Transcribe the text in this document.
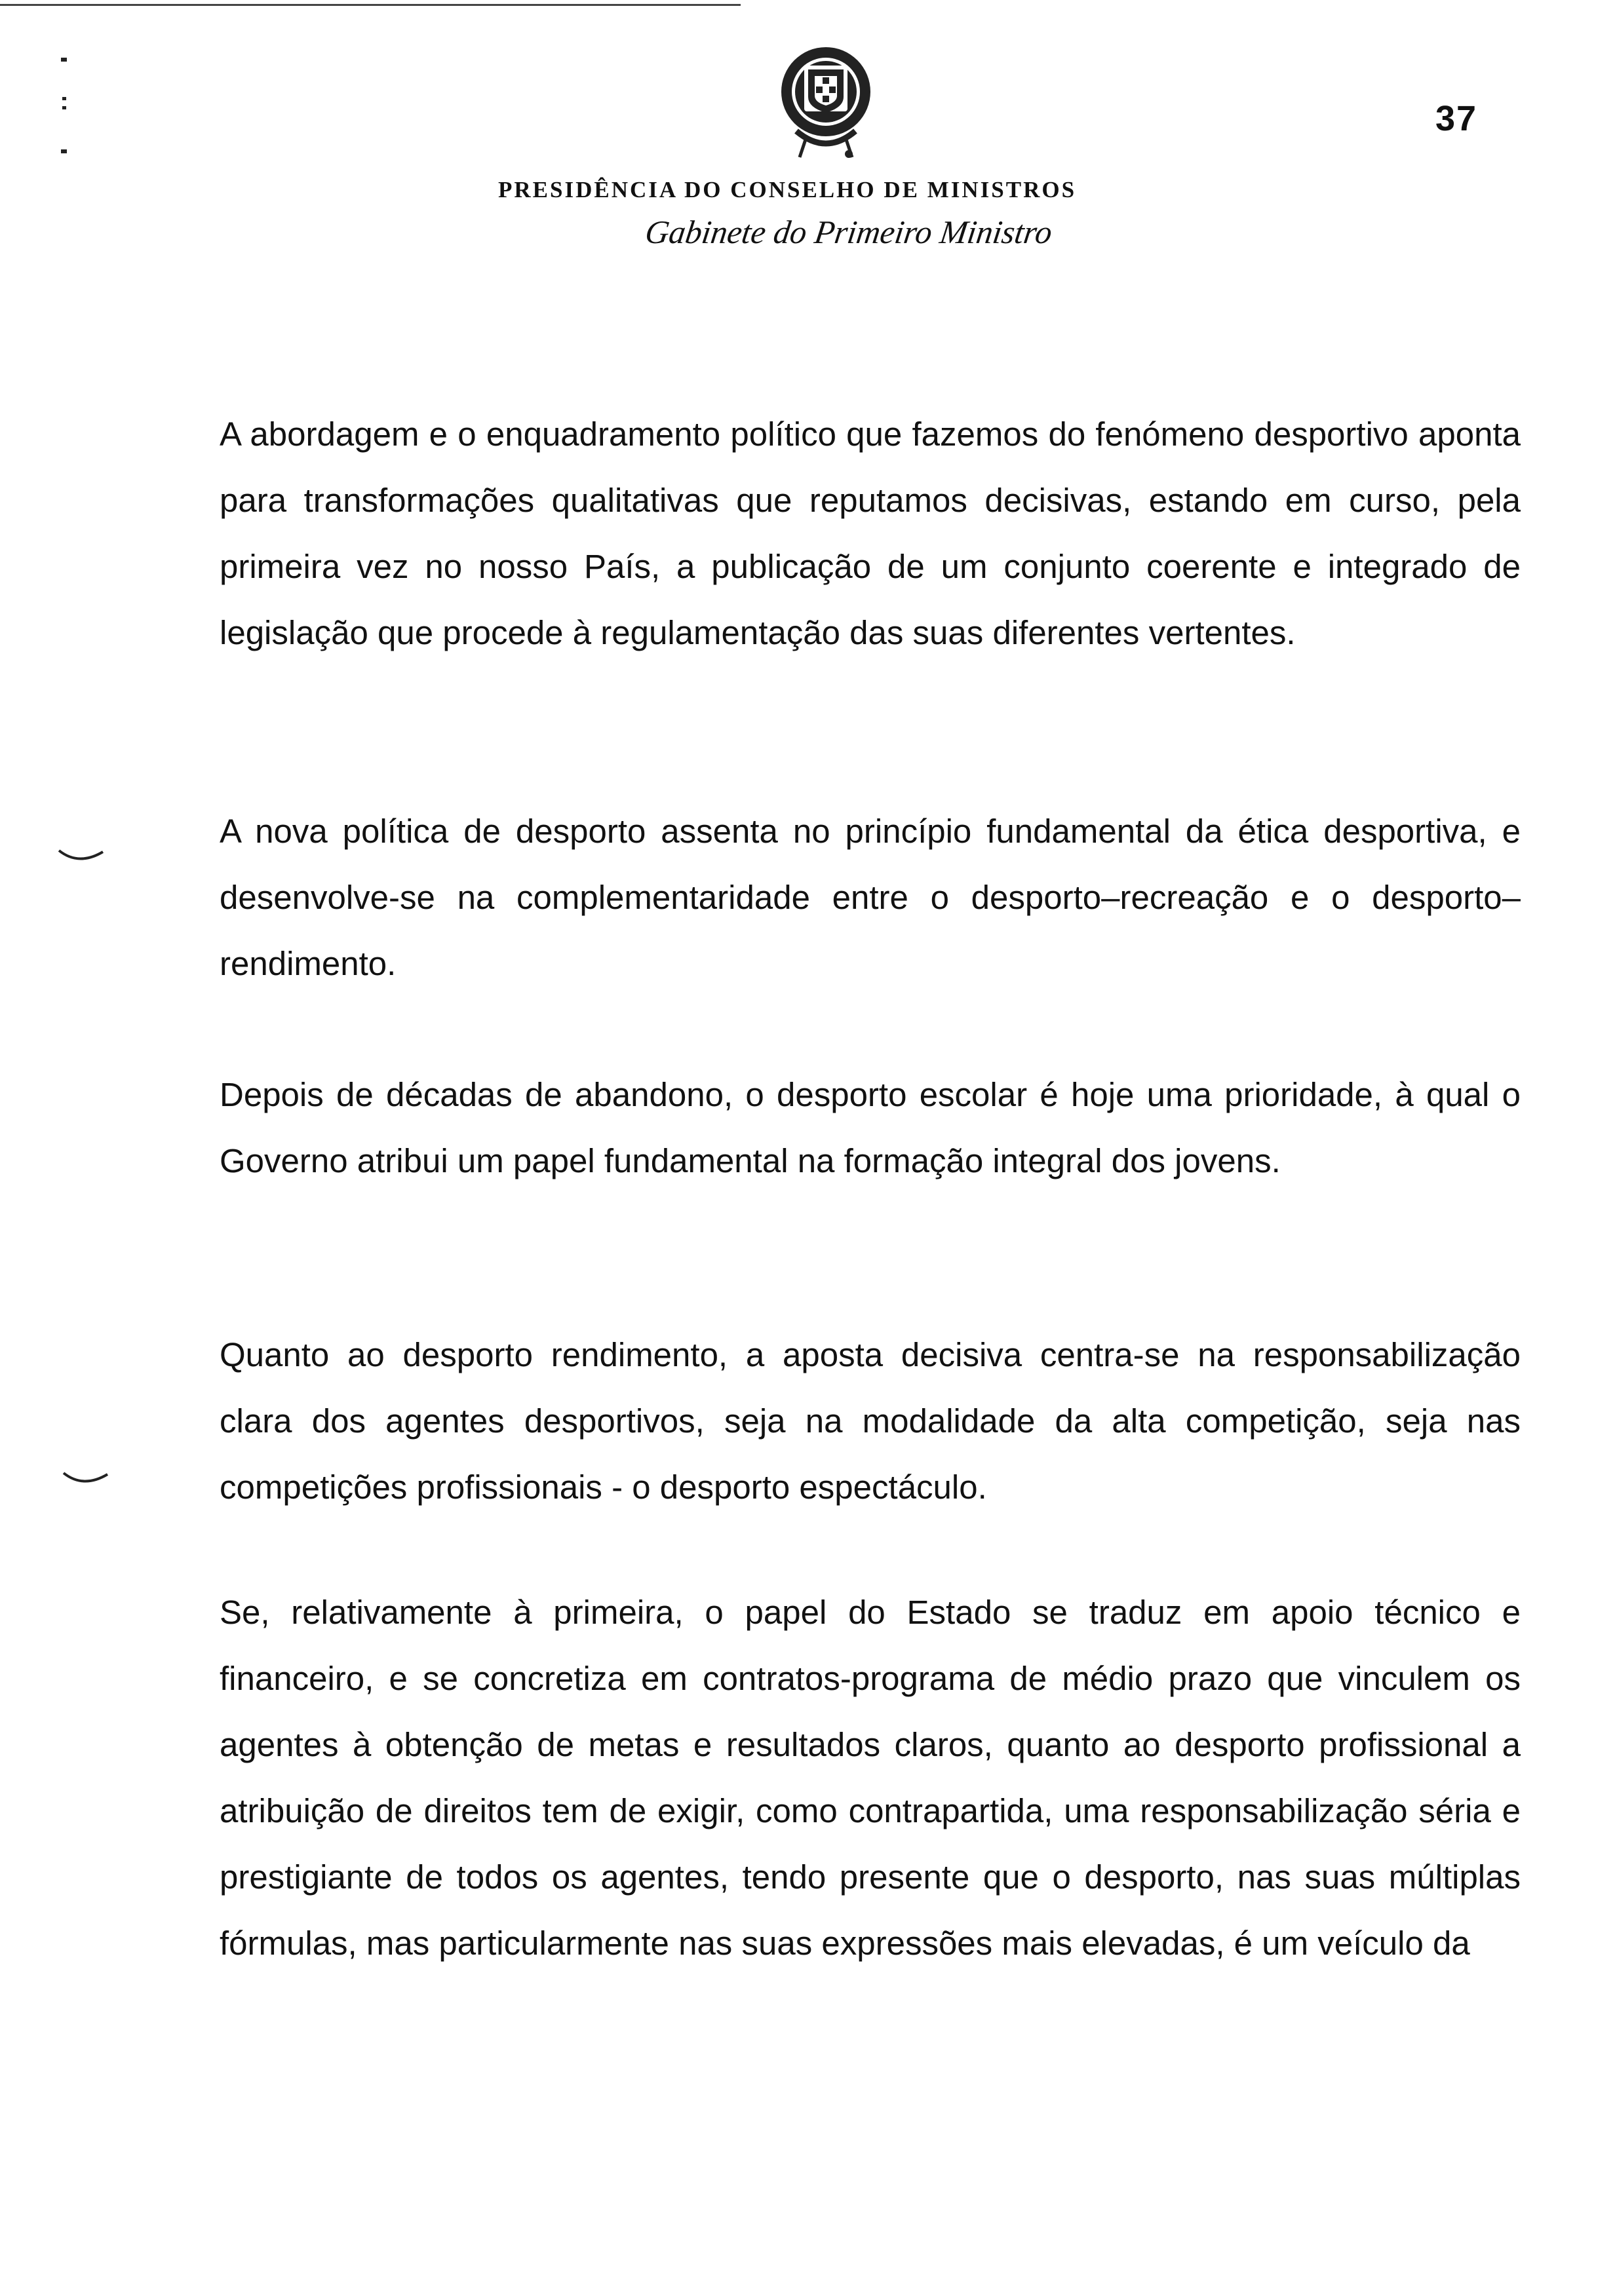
37
PRESIDÊNCIA DO CONSELHO DE MINISTROS
Gabinete do Primeiro Ministro

A abordagem e o enquadramento político que fazemos do fenómeno desportivo aponta para transformações qualitativas que reputamos decisivas, estando em curso, pela primeira vez no nosso País, a publicação de um conjunto coerente e integrado de legislação que procede à regulamentação das suas diferentes vertentes.

A nova política de desporto assenta no princípio fundamental da ética desportiva, e desenvolve-se na complementaridade entre o desporto–recreação e o desporto–rendimento.

Depois de décadas de abandono, o desporto escolar é hoje uma prioridade, à qual o Governo atribui um papel fundamental na formação integral dos jovens.

Quanto ao desporto rendimento, a aposta decisiva centra-se na responsabilização clara dos agentes desportivos, seja na modalidade da alta competição, seja nas competições profissionais - o desporto espectáculo.

Se, relativamente à primeira, o papel do Estado se traduz em apoio técnico e financeiro, e se concretiza em contratos-programa de médio prazo que vinculem os agentes à obtenção de metas e resultados claros, quanto ao desporto profissional a atribuição de direitos tem de exigir, como contrapartida, uma responsabilização séria e prestigiante de todos os agentes, tendo presente que o desporto, nas suas múltiplas fórmulas, mas particularmente nas suas expressões mais elevadas, é um veículo da
